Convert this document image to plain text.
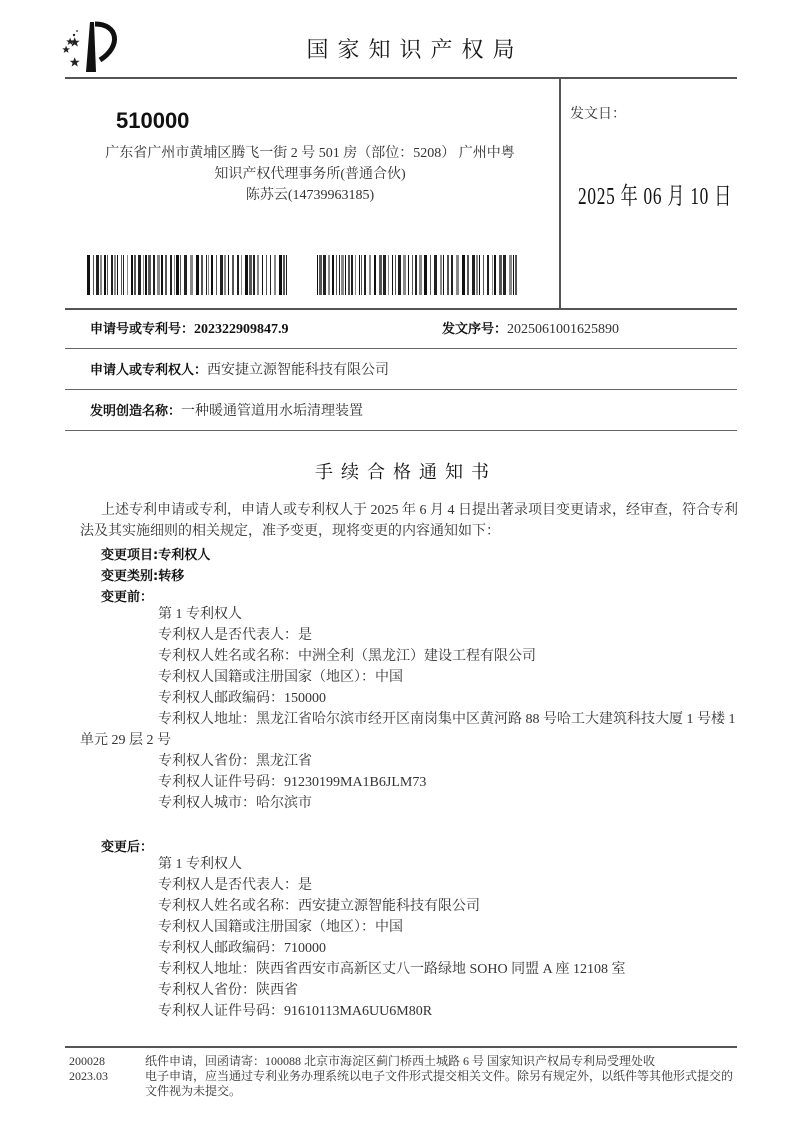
国家知识产权局
510000
广东省广州市黄埔区腾飞一街 2 号 501 房（部位：5208） 广州中粤
知识产权代理事务所(普通合伙)
陈苏云(14739963185)
发文日：
2025 年 06 月 10 日
申请号或专利号：202322909847.9	发文序号：2025061001625890
申请人或专利权人：西安捷立源智能科技有限公司
发明创造名称：一种暖通管道用水垢清理装置
手续合格通知书
上述专利申请或专利，申请人或专利权人于 2025 年 6 月 4 日提出著录项目变更请求，经审查，符合专利
法及其实施细则的相关规定，准予变更，现将变更的内容通知如下：
变更项目:专利权人
变更类别:转移
变更前：
第 1 专利权人
专利权人是否代表人：是
专利权人姓名或名称：中洲全利（黑龙江）建设工程有限公司
专利权人国籍或注册国家（地区）：中国
专利权人邮政编码：150000
专利权人地址：黑龙江省哈尔滨市经开区南岗集中区黄河路 88 号哈工大建筑科技大厦 1 号楼 1
单元 29 层 2 号
专利权人省份：黑龙江省
专利权人证件号码：91230199MA1B6JLM73
专利权人城市：哈尔滨市
变更后：
第 1 专利权人
专利权人是否代表人：是
专利权人姓名或名称：西安捷立源智能科技有限公司
专利权人国籍或注册国家（地区）：中国
专利权人邮政编码：710000
专利权人地址：陕西省西安市高新区丈八一路绿地 SOHO 同盟 A 座 12108 室
专利权人省份：陕西省
专利权人证件号码：91610113MA6UU6M80R
200028
2023.03
纸件申请，回函请寄：100088 北京市海淀区蓟门桥西土城路 6 号 国家知识产权局专利局受理处收
电子申请，应当通过专利业务办理系统以电子文件形式提交相关文件。除另有规定外，以纸件等其他形式提交的
文件视为未提交。
